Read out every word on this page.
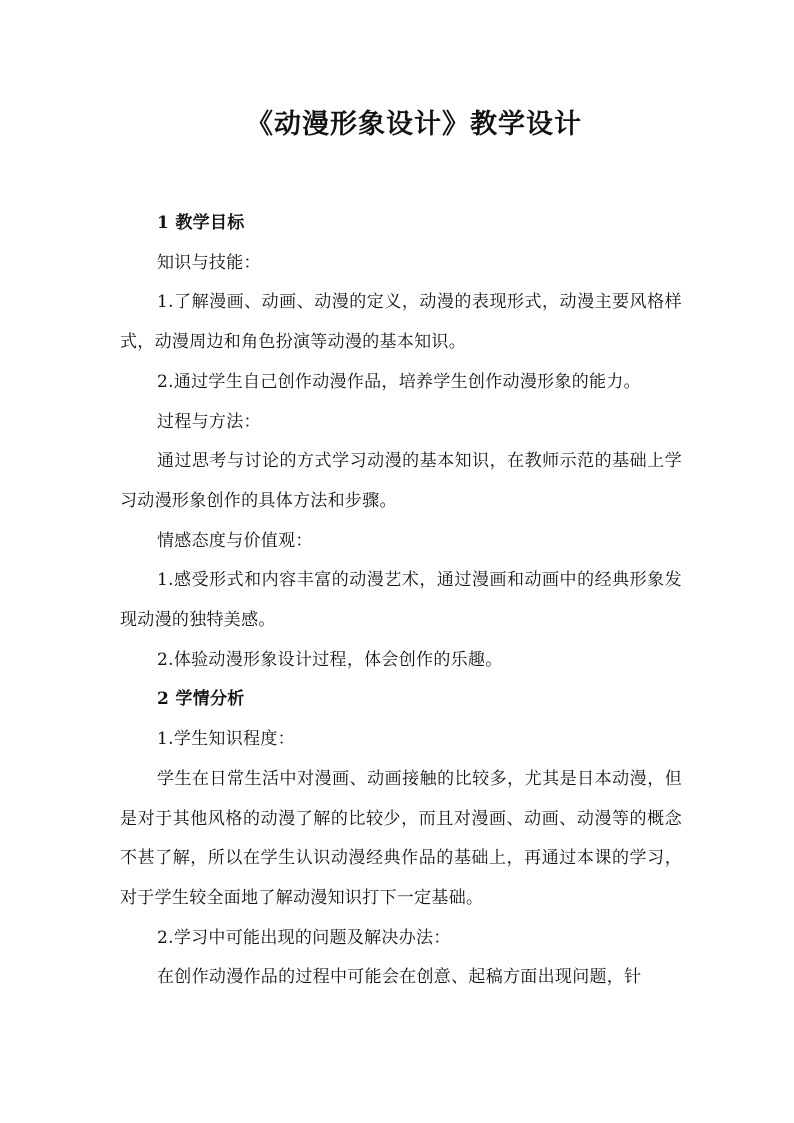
《动漫形象设计》教学设计

1 教学目标

知识与技能：

1.了解漫画、动画、动漫的定义，动漫的表现形式，动漫主要风格样式，动漫周边和角色扮演等动漫的基本知识。

2.通过学生自己创作动漫作品，培养学生创作动漫形象的能力。

过程与方法：

通过思考与讨论的方式学习动漫的基本知识，在教师示范的基础上学习动漫形象创作的具体方法和步骤。

情感态度与价值观：

1.感受形式和内容丰富的动漫艺术，通过漫画和动画中的经典形象发现动漫的独特美感。

2.体验动漫形象设计过程，体会创作的乐趣。

2 学情分析

1.学生知识程度：

学生在日常生活中对漫画、动画接触的比较多，尤其是日本动漫，但是对于其他风格的动漫了解的比较少，而且对漫画、动画、动漫等的概念不甚了解，所以在学生认识动漫经典作品的基础上，再通过本课的学习，对于学生较全面地了解动漫知识打下一定基础。

2.学习中可能出现的问题及解决办法：

在创作动漫作品的过程中可能会在创意、起稿方面出现问题，针
